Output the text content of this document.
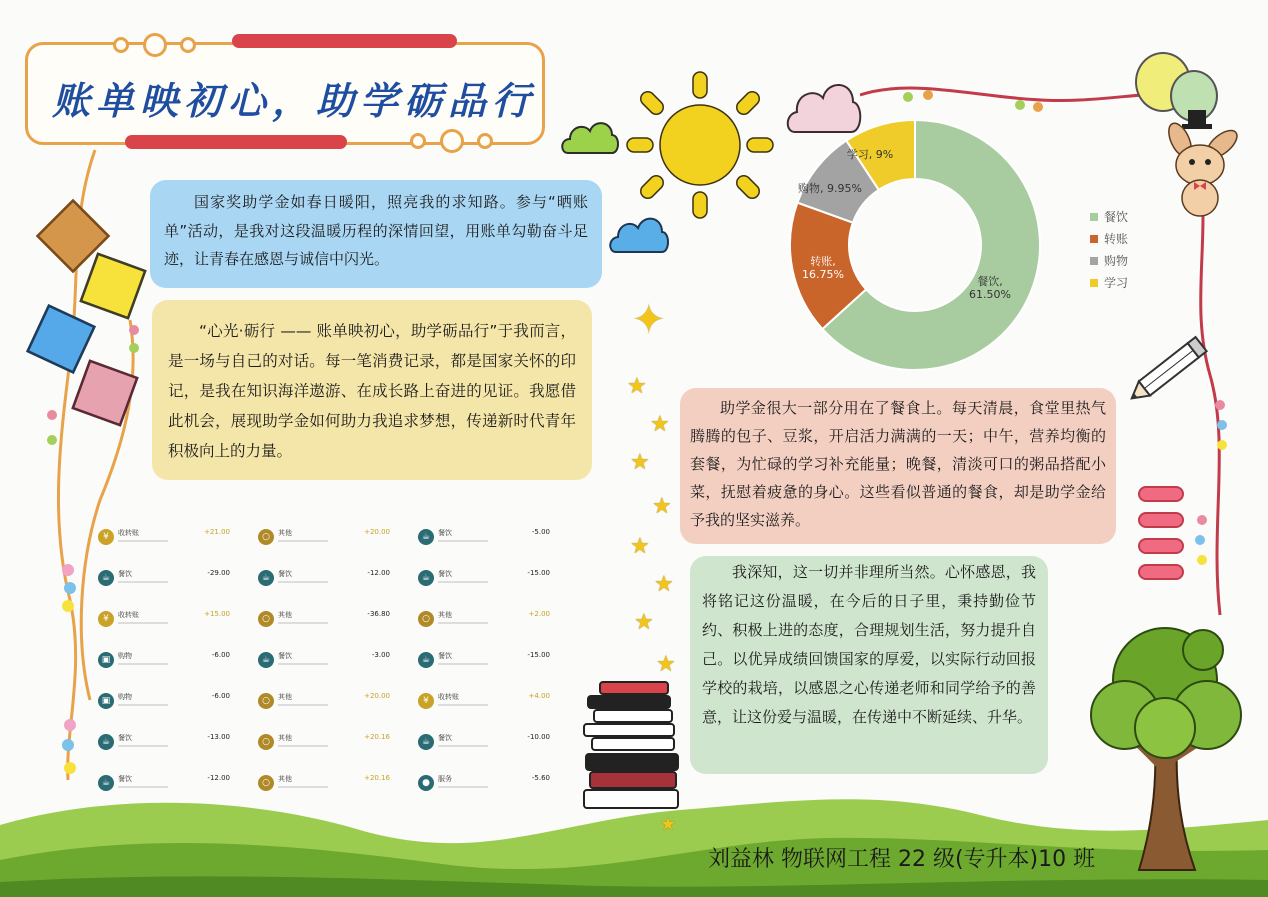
账单映初心，助学砺品行

国家奖助学金如春日暖阳，照亮我的求知路。参与“晒账单”活动，是我对这段温暖历程的深情回望，用账单勾勒奋斗足迹，让青春在感恩与诚信中闪光。

“心光·砺行 —— 账单映初心，助学砺品行”于我而言，是一场与自己的对话。每一笔消费记录，都是国家关怀的印记，是我在知识海洋遨游、在成长路上奋进的见证。我愿借此机会，展现助学金如何助力我追求梦想，传递新时代青年积极向上的力量。

助学金很大一部分用在了餐食上。每天清晨，食堂里热气腾腾的包子、豆浆，开启活力满满的一天；中午，营养均衡的套餐，为忙碌的学习补充能量；晚餐，清淡可口的粥品搭配小菜，抚慰着疲惫的身心。这些看似普通的餐食，却是助学金给予我的坚实滋养。

我深知，这一切并非理所当然。心怀感恩，我将铭记这份温暖，在今后的日子里，秉持勤俭节约、积极上进的态度，合理规划生活，努力提升自己。以优异成绩回馈国家的厚爱，以实际行动回报学校的栽培，以感恩之心传递老师和同学给予的善意，让这份爱与温暖，在传递中不断延续、升华。

餐饮, 61.50%
转账, 16.75%
购物, 9.95%
学习, 9%
餐饮
转账
购物
学习
✦
★
★
★
★
★
★
★
★
★
¥	收转账	+21.00
☕	餐饮	-29.00
¥	收转账	+15.00
▣	购物	-6.00
▣	购物	-6.00
☕	餐饮	-13.00
☕	餐饮	-12.00
○	其他	+20.00
☕	餐饮	-12.00
○	其他	-36.80
☕	餐饮	-3.00
○	其他	+20.00
○	其他	+20.16
○	其他	+20.16
☕	餐饮	-5.00
☕	餐饮	-15.00
○	其他	+2.00
☕	餐饮	-15.00
¥	收转账	+4.00
☕	餐饮	-10.00
●	服务	-5.60
刘益林 物联网工程 22 级(专升本)10 班
